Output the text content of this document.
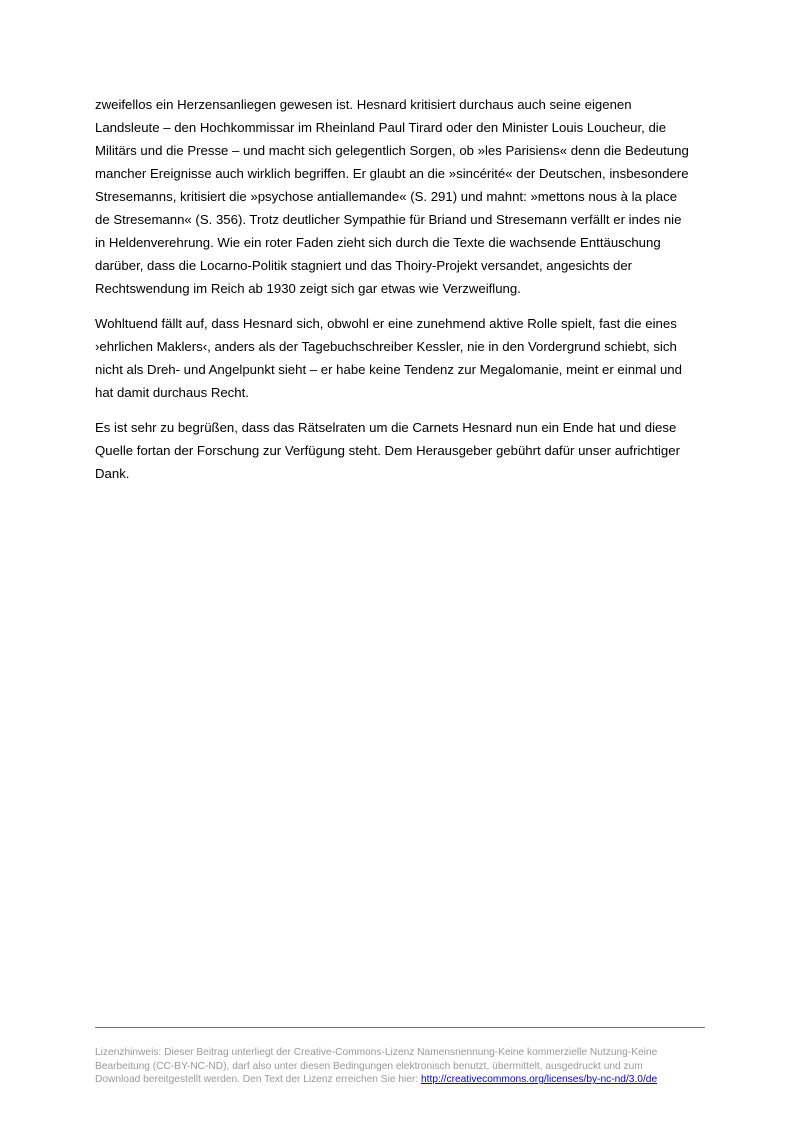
zweifellos ein Herzensanliegen gewesen ist. Hesnard kritisiert durchaus auch seine eigenen
Landsleute – den Hochkommissar im Rheinland Paul Tirard oder den Minister Louis Loucheur, die
Militärs und die Presse – und macht sich gelegentlich Sorgen, ob »les Parisiens« denn die Bedeutung
mancher Ereignisse auch wirklich begriffen. Er glaubt an die »sincérité« der Deutschen, insbesondere
Stresemanns, kritisiert die »psychose antiallemande« (S. 291) und mahnt: »mettons nous à la place
de Stresemann« (S. 356). Trotz deutlicher Sympathie für Briand und Stresemann verfällt er indes nie
in Heldenverehrung. Wie ein roter Faden zieht sich durch die Texte die wachsende Enttäuschung
darüber, dass die Locarno-Politik stagniert und das Thoiry-Projekt versandet, angesichts der
Rechtswendung im Reich ab 1930 zeigt sich gar etwas wie Verzweiflung.

Wohltuend fällt auf, dass Hesnard sich, obwohl er eine zunehmend aktive Rolle spielt, fast die eines
›ehrlichen Maklers‹, anders als der Tagebuchschreiber Kessler, nie in den Vordergrund schiebt, sich
nicht als Dreh- und Angelpunkt sieht – er habe keine Tendenz zur Megalomanie, meint er einmal und
hat damit durchaus Recht.

Es ist sehr zu begrüßen, dass das Rätselraten um die Carnets Hesnard nun ein Ende hat und diese
Quelle fortan der Forschung zur Verfügung steht. Dem Herausgeber gebührt dafür unser aufrichtiger
Dank.

Lizenzhinweis: Dieser Beitrag unterliegt der Creative-Commons-Lizenz Namensnennung-Keine kommerzielle Nutzung-Keine
Bearbeitung (CC-BY-NC-ND), darf also unter diesen Bedingungen elektronisch benutzt, übermittelt, ausgedruckt und zum
Download bereitgestellt werden. Den Text der Lizenz erreichen Sie hier: http://creativecommons.org/licenses/by-nc-nd/3.0/de
